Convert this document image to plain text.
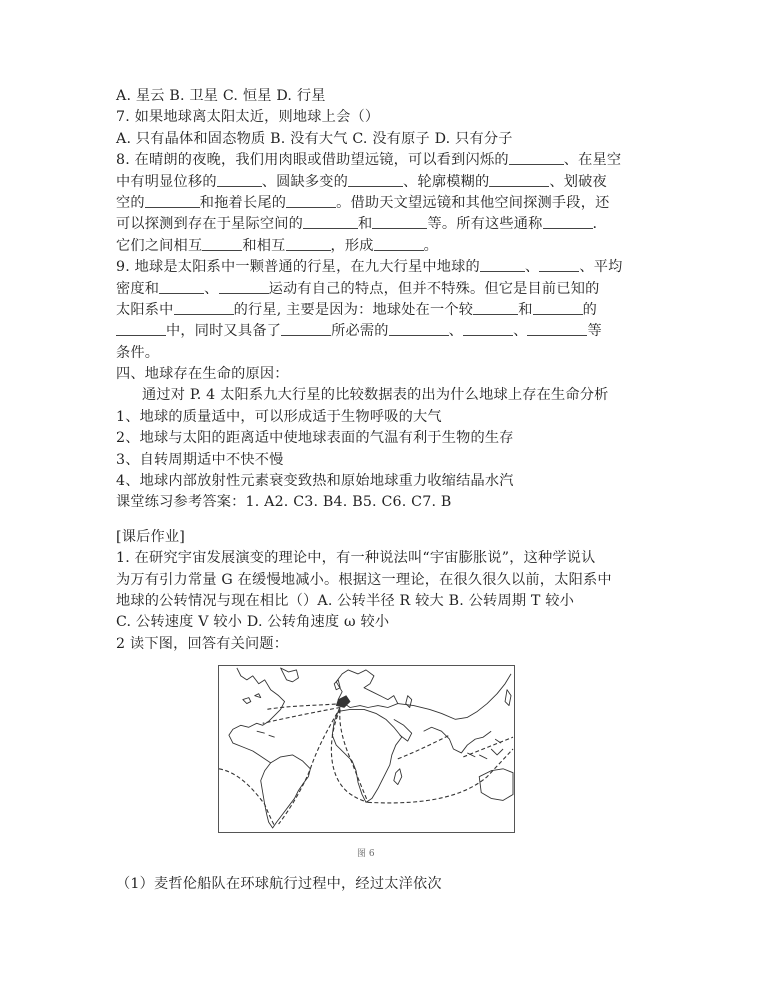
A. 星云 B. 卫星 C. 恒星 D. 行星
7. 如果地球离太阳太近，则地球上会（）
A. 只有晶体和固态物质 B. 没有大气 C. 没有原子 D. 只有分子
8. 在晴朗的夜晚，我们用肉眼或借助望远镜，可以看到闪烁的	、在星空
中有明显位移的	、圆缺多变的	、轮廓模糊的	、划破夜
空的	和拖着长尾的	。借助天文望远镜和其他空间探测手段，还
可以探测到存在于星际空间的	和	等。所有这些通称	.
它们之间相互	和相互	，形成	。
9. 地球是太阳系中一颗普通的行星，在九大行星中地球的	、	、平均
密度和	、	运动有自己的特点，但并不特殊。但它是目前已知的
太阳系中	的行星, 主要是因为：地球处在一个较	和	的
中，同时又具备了	所必需的	、	、	等
条件。
四、地球存在生命的原因：
通过对 P. 4 太阳系九大行星的比较数据表的出为什么地球上存在生命分析
1、地球的质量适中，可以形成适于生物呼吸的大气
2、地球与太阳的距离适中使地球表面的气温有利于生物的生存
3、自转周期适中不快不慢
4、地球内部放射性元素衰变致热和原始地球重力收缩结晶水汽
课堂练习参考答案：1. A2. C3. B4. B5. C6. C7. B
[课后作业]
1. 在研究宇宙发展演变的理论中，有一种说法叫“宇宙膨胀说”，这种学说认
为万有引力常量 G 在缓慢地减小。根据这一理论，在很久很久以前，太阳系中
地球的公转情况与现在相比（）A. 公转半径 R 较大 B. 公转周期 T 较小
C. 公转速度 V 较小 D. 公转角速度 ω 较小
2 读下图，回答有关问题：
图 6
（1）麦哲伦船队在环球航行过程中，经过太洋依次
